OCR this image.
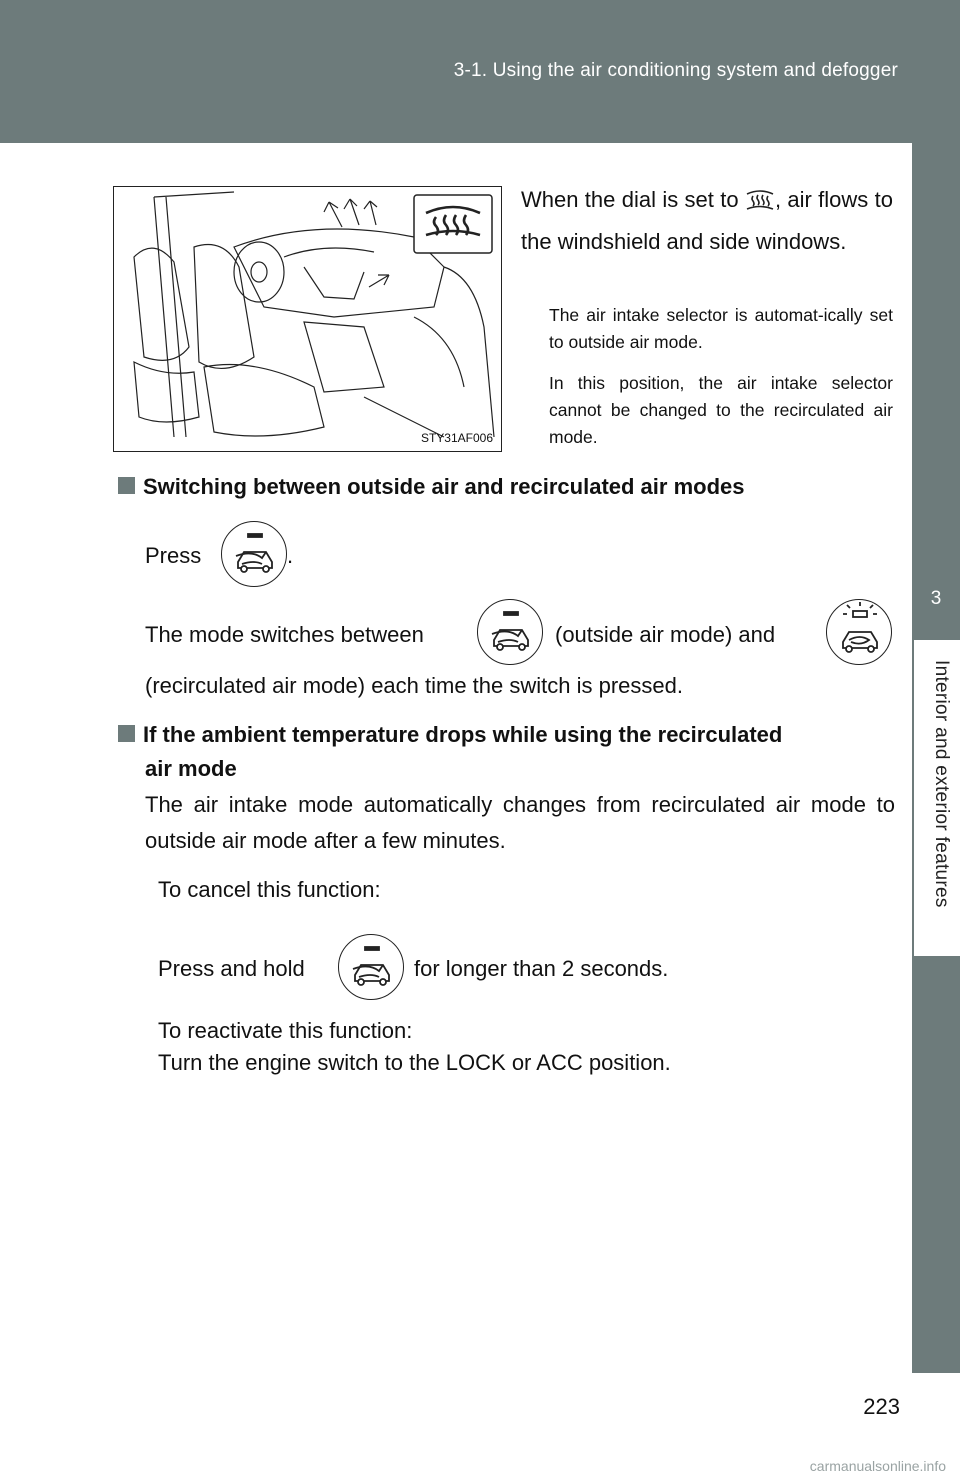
3-1. Using the air conditioning system and defogger
3
Interior and exterior features
STY31AF006
When the dial is set to , air flows to the windshield and side windows.
The air intake selector is automat-ically set to outside air mode.
In this position, the air intake selector cannot be changed to the recirculated air mode.
Switching between outside air and recirculated air modes
Press	.
The mode switches between	(outside air mode) and
(recirculated air mode) each time the switch is pressed.
If the ambient temperature drops while using the recirculated
air mode
The air intake mode automatically changes from recirculated air mode to outside air mode after a few minutes.
To cancel this function:
Press and hold	for longer than 2 seconds.
To reactivate this function:
Turn the engine switch to the LOCK or ACC position.
223
carmanualsonline.info
